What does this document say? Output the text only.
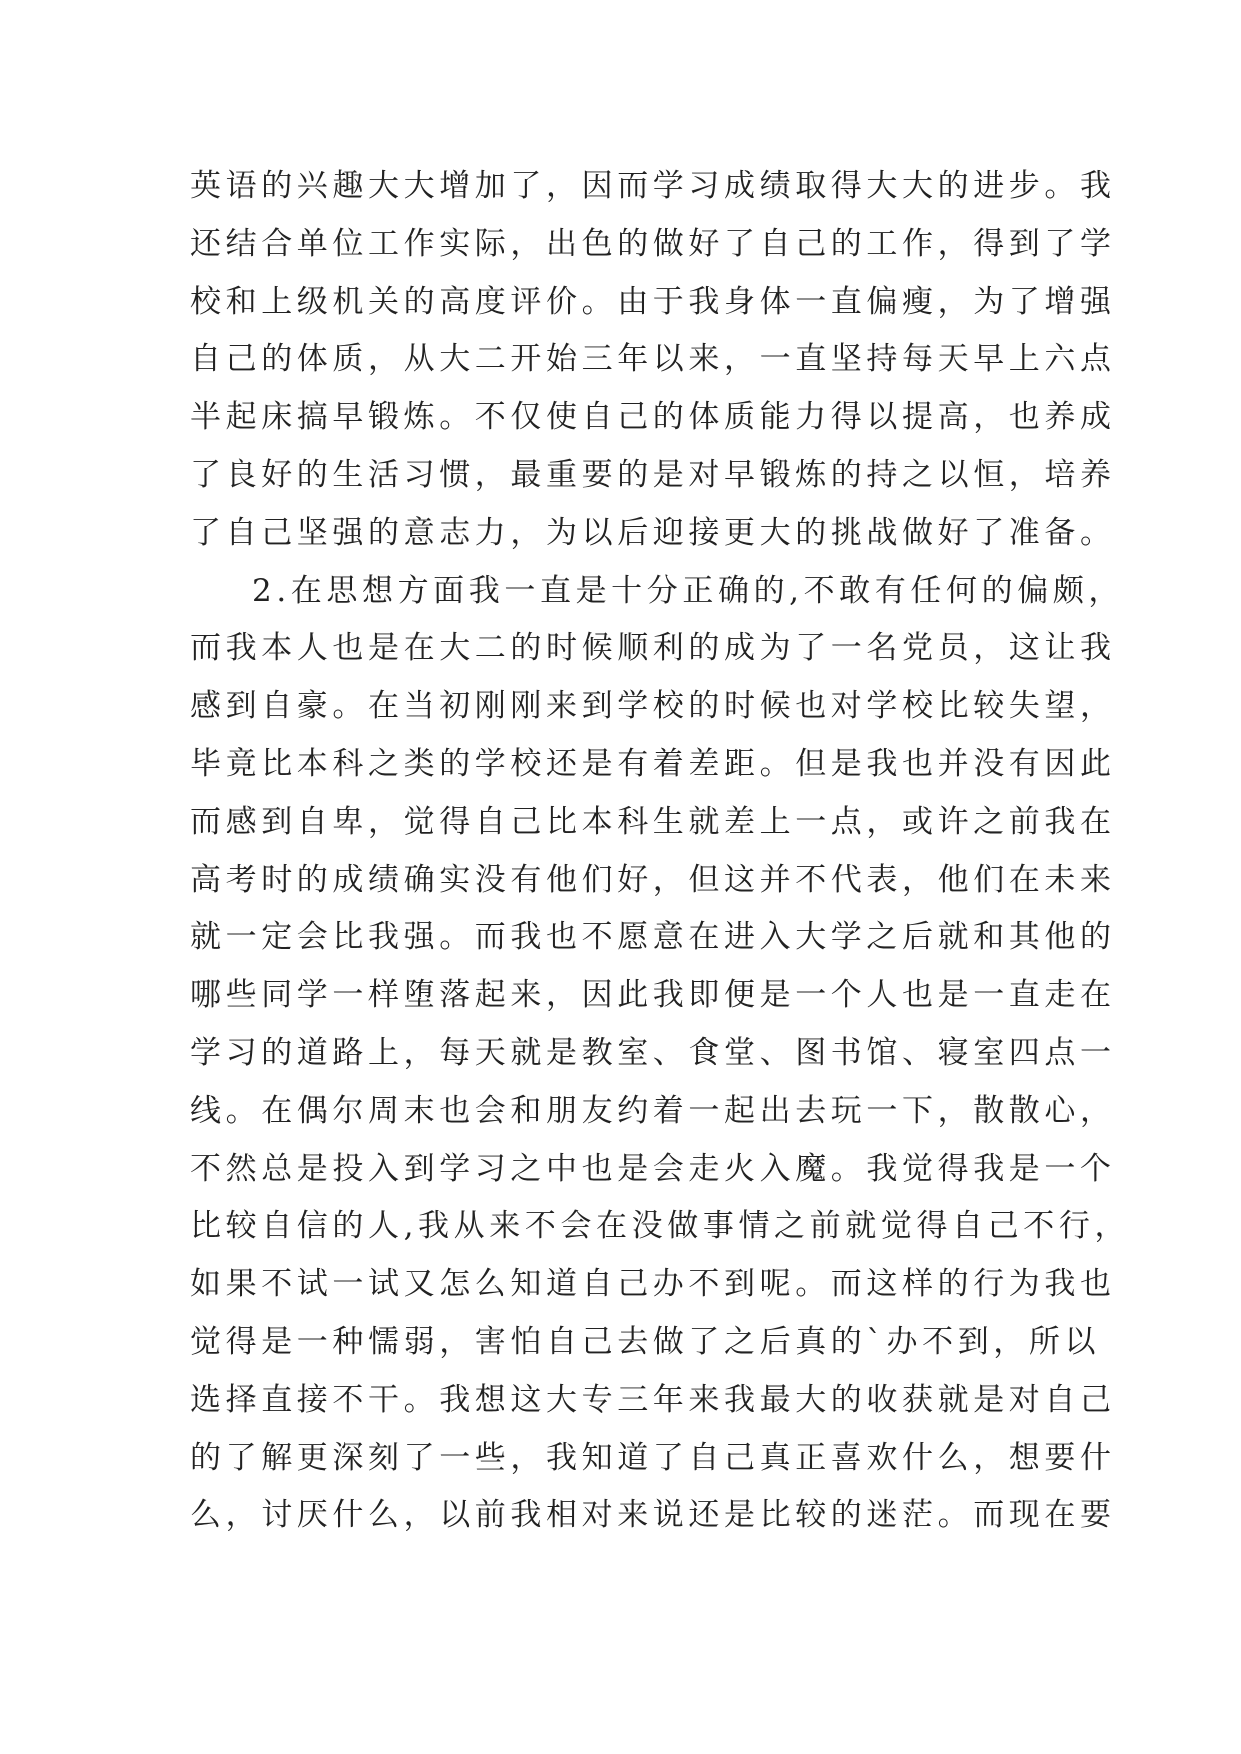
英语的兴趣大大增加了，因而学习成绩取得大大的进步。我
还结合单位工作实际，出色的做好了自己的工作，得到了学
校和上级机关的高度评价。由于我身体一直偏瘦，为了增强
自己的体质，从大二开始三年以来，一直坚持每天早上六点
半起床搞早锻炼。不仅使自己的体质能力得以提高，也养成
了良好的生活习惯，最重要的是对早锻炼的持之以恒，培养
了自己坚强的意志力，为以后迎接更大的挑战做好了准备。
2.在思想方面我一直是十分正确的,不敢有任何的偏颇，
而我本人也是在大二的时候顺利的成为了一名党员，这让我
感到自豪。在当初刚刚来到学校的时候也对学校比较失望，
毕竟比本科之类的学校还是有着差距。但是我也并没有因此
而感到自卑，觉得自己比本科生就差上一点，或许之前我在
高考时的成绩确实没有他们好，但这并不代表，他们在未来
就一定会比我强。而我也不愿意在进入大学之后就和其他的
哪些同学一样堕落起来，因此我即便是一个人也是一直走在
学习的道路上，每天就是教室、食堂、图书馆、寝室四点一
线。在偶尔周末也会和朋友约着一起出去玩一下，散散心，
不然总是投入到学习之中也是会走火入魔。我觉得我是一个
比较自信的人,我从来不会在没做事情之前就觉得自己不行，
如果不试一试又怎么知道自己办不到呢。而这样的行为我也
觉得是一种懦弱，害怕自己去做了之后真的`办不到，所以
选择直接不干。我想这大专三年来我最大的收获就是对自己
的了解更深刻了一些，我知道了自己真正喜欢什么，想要什
么，讨厌什么，以前我相对来说还是比较的迷茫。而现在要
